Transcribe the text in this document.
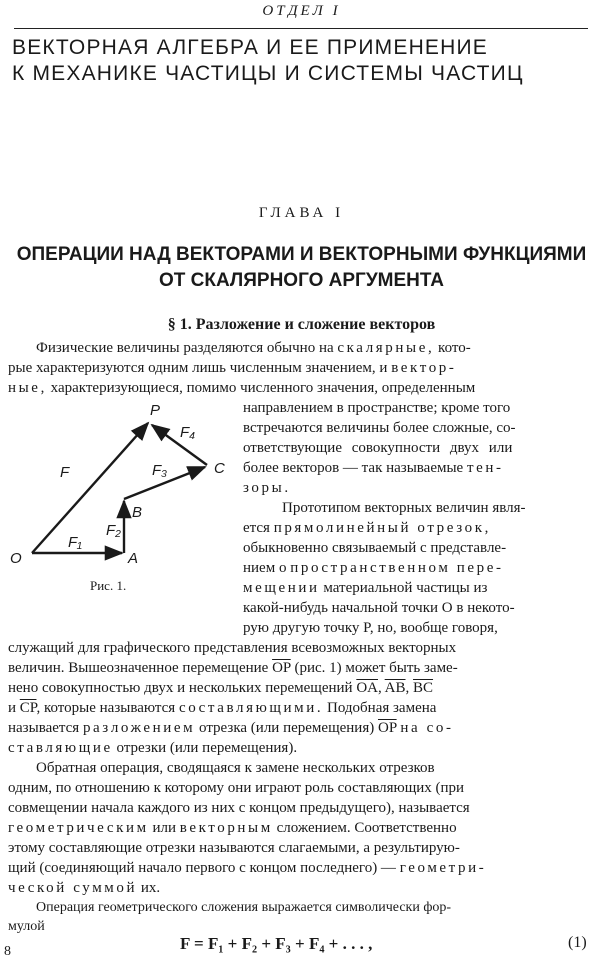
ОТДЕЛ I
ВЕКТОРНАЯ АЛГЕБРА И ЕЕ ПРИМЕНЕНИЕ
К МЕХАНИКЕ ЧАСТИЦЫ И СИСТЕМЫ ЧАСТИЦ
ГЛАВА I
ОПЕРАЦИИ НАД ВЕКТОРАМИ И ВЕКТОРНЫМИ ФУНКЦИЯМИ
ОТ СКАЛЯРНОГО АРГУМЕНТА
§ 1. Разложение и сложение векторов
Физические величины разделяются обычно на скалярные, кото-
рые характеризуются одним лишь численным значением, и вектор-
ные, характеризующиеся, помимо численного значения, определенным
направлением в пространстве; кроме того
встречаются величины более сложные, со-
ответствующие совокупности двух или
более векторов — так называемые тен-
зоры.
Прототипом векторных величин явля-
ется прямолинейный отрезок,
обыкновенно связываемый с представле-
нием о пространственном пере-
мещении материальной частицы из
какой-нибудь начальной точки O в некото-
рую другую точку P, но, вообще говоря,
служащий для графического представления всевозможных векторных
величин. Вышеозначенное перемещение $\overline{OP}$ (рис. 1) может быть заме-
нено совокупностью двух и нескольких перемещений $\overline{OA}$, $\overline{AB}$, $\overline{BC}$
и $\overline{CP}$, которые называются составляющими. Подобная замена
называется разложением отрезка (или перемещения) $\overline{OP}$ на со-
ставляющие отрезки (или перемещения).
Обратная операция, сводящаяся к замене нескольких отрезков
одним, по отношению к которому они играют роль составляющих (при
совмещении начала каждого из них с концом предыдущего), называется
геометрическим или векторным сложением. Соответственно
этому составляющие отрезки называются слагаемыми, а результирую-
щий (соединяющий начало первого с концом последнего) — геометри-
ческой суммой их.
Операция геометрического сложения выражается символически фор-
мулой
F = F₁ + F₂ + F₃ + F₄ + . . . ,	(1)
8
O	A
B
C
P
F
F₁
F₂
F₃
F₄
Рис. 1.
